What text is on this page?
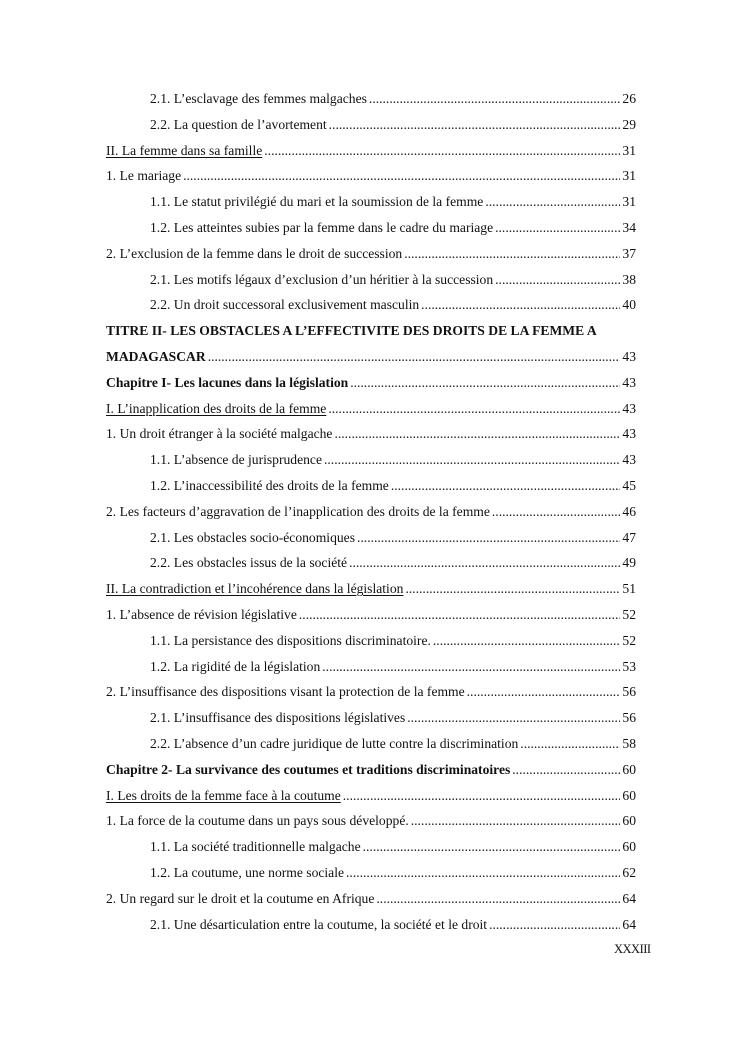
2.1. L’esclavage des femmes malgaches .....	26
2.2. La question de l’avortement .....	29
II. La femme dans sa famille .....	31
1. Le mariage .....	31
1.1. Le statut privilégié du mari et la soumission de la femme .....	31
1.2. Les atteintes subies par la femme dans le cadre du mariage .....	34
2. L’exclusion de la femme dans le droit de succession .....	37
2.1. Les motifs légaux d’exclusion d’un héritier à la succession .....	38
2.2. Un droit successoral exclusivement masculin .....	40
TITRE II- LES OBSTACLES A L’EFFECTIVITE DES DROITS DE LA FEMME A
MADAGASCAR .....	43
Chapitre I- Les lacunes dans la législation .....	43
I. L’inapplication des droits de la femme .....	43
1. Un droit étranger à la société malgache .....	43
1.1. L’absence de jurisprudence .....	43
1.2. L’inaccessibilité des droits de la femme .....	45
2. Les facteurs d’aggravation de l’inapplication des droits de la femme .....	46
2.1. Les obstacles socio-économiques .....	47
2.2. Les obstacles issus de la société .....	49
II. La contradiction et l’incohérence dans la législation .....	51
1. L’absence de révision législative .....	52
1.1. La persistance des dispositions discriminatoire. .....	52
1.2. La rigidité de la législation .....	53
2. L’insuffisance des dispositions visant la protection de la femme .....	56
2.1. L’insuffisance des dispositions législatives .....	56
2.2. L’absence d’un cadre juridique de lutte contre la discrimination .....	58
Chapitre 2- La survivance des coutumes et traditions discriminatoires .....	60
I. Les droits de la femme face à la coutume .....	60
1. La force de la coutume dans un pays sous développé. .....	60
1.1. La société traditionnelle malgache .....	60
1.2. La coutume, une norme sociale .....	62
2. Un regard sur le droit et la coutume en Afrique .....	64
2.1. Une désarticulation entre la coutume, la société et le droit .....	64
XXXIII
